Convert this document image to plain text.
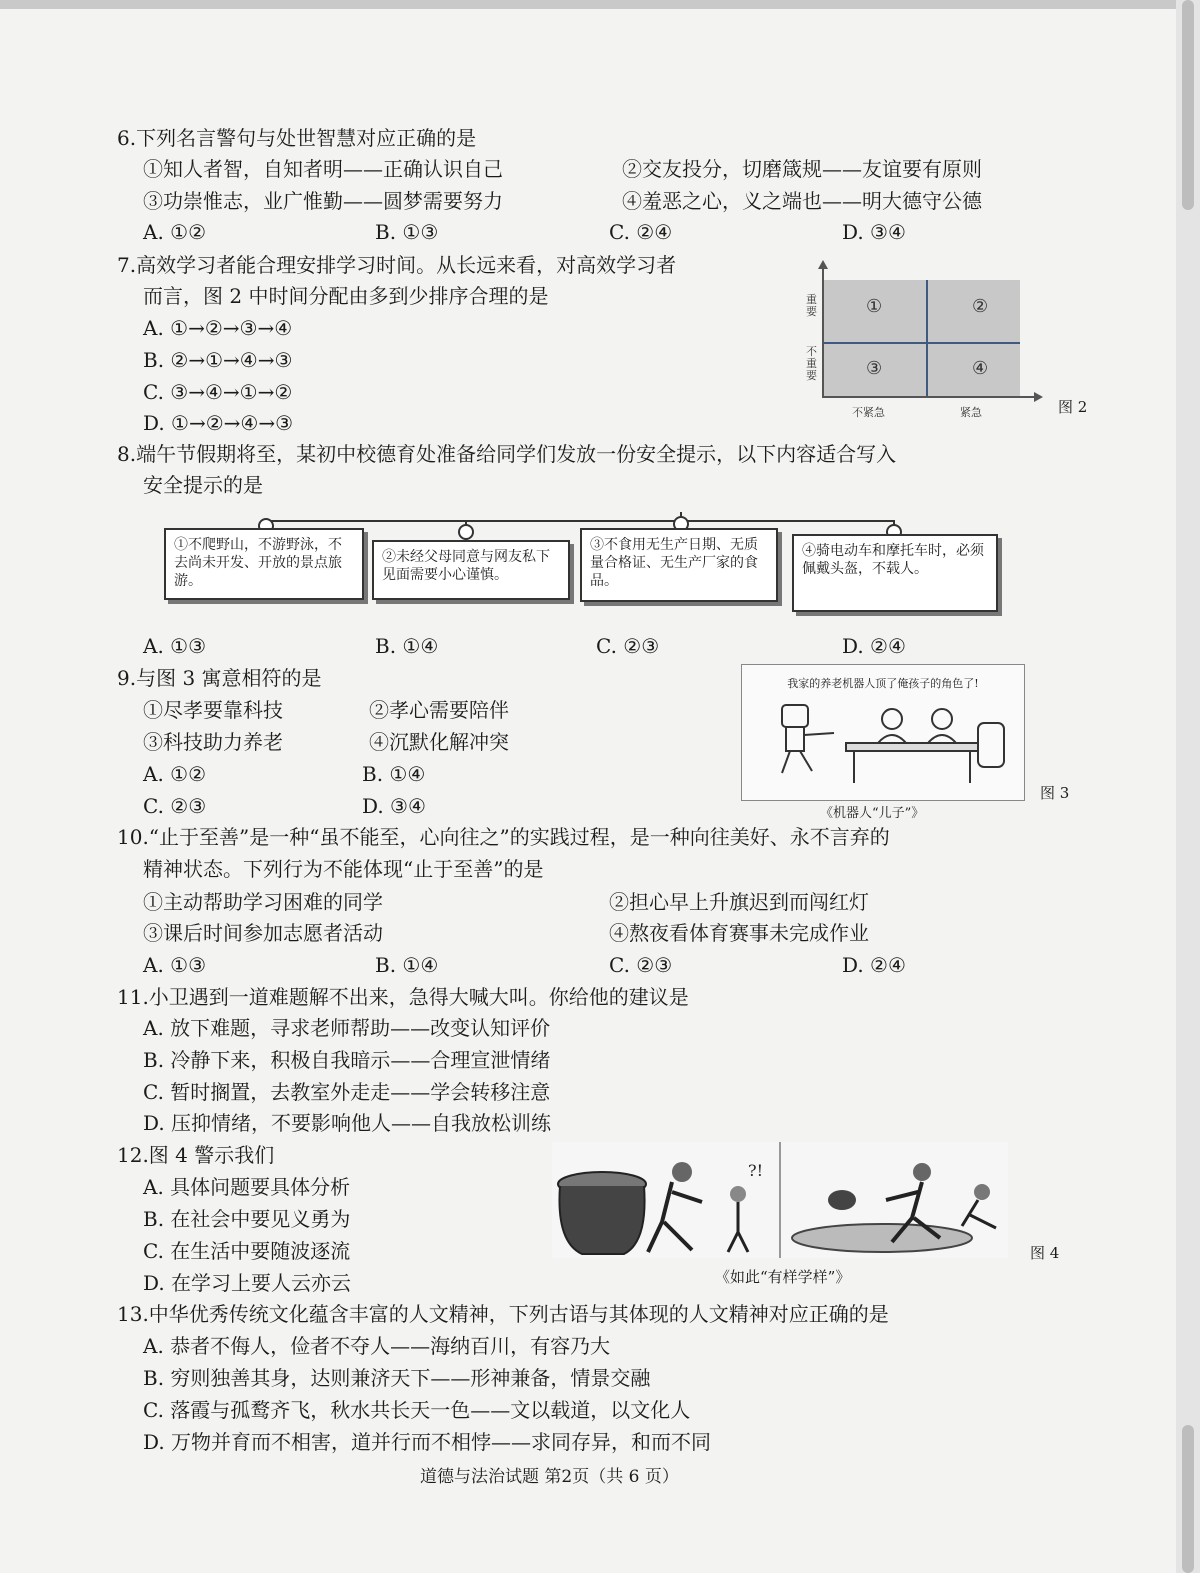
6.下列名言警句与处世智慧对应正确的是
①知人者智，自知者明——正确认识自己	②交友投分，切磨箴规——友谊要有原则
③功崇惟志，业广惟勤——圆梦需要努力	④羞恶之心，义之端也——明大德守公德
A. ①②	B. ①③	C. ②④	D. ③④
7.高效学习者能合理安排学习时间。从长远来看，对高效学习者
而言，图 2 中时间分配由多到少排序合理的是
A. ①→②→③→④
B. ②→①→④→③
C. ③→④→①→②
D. ①→②→④→③
①	②
③	④
重要
不重要
不紧急	紧急	图 2
8.端午节假期将至，某初中校德育处准备给同学们发放一份安全提示，以下内容适合写入
安全提示的是
①不爬野山，不游野泳，不去尚未开发、开放的景点旅游。
②未经父母同意与网友私下见面需要小心谨慎。
③不食用无生产日期、无质量合格证、无生产厂家的食品。
④骑电动车和摩托车时，必须佩戴头盔，不载人。
A. ①③	B. ①④	C. ②③	D. ②④
9.与图 3 寓意相符的是
①尽孝要靠科技	②孝心需要陪伴
③科技助力养老	④沉默化解冲突
A. ①②	B. ①④
C. ②③	D. ③④
我家的养老机器人顶了俺孩子的角色了!
《机器人“儿子”》
图 3
10.“止于至善”是一种“虽不能至，心向往之”的实践过程，是一种向往美好、永不言弃的
精神状态。下列行为不能体现“止于至善”的是
①主动帮助学习困难的同学	②担心早上升旗迟到而闯红灯
③课后时间参加志愿者活动	④熬夜看体育赛事未完成作业
A. ①③	B. ①④	C. ②③	D. ②④
11.小卫遇到一道难题解不出来，急得大喊大叫。你给他的建议是
A. 放下难题，寻求老师帮助——改变认知评价
B. 冷静下来，积极自我暗示——合理宣泄情绪
C. 暂时搁置，去教室外走走——学会转移注意
D. 压抑情绪，不要影响他人——自我放松训练
12.图 4 警示我们
A. 具体问题要具体分析
B. 在社会中要见义勇为
C. 在生活中要随波逐流
D. 在学习上要人云亦云
?!
《如此“有样学样”》
图 4
13.中华优秀传统文化蕴含丰富的人文精神，下列古语与其体现的人文精神对应正确的是
A. 恭者不侮人，俭者不夺人——海纳百川，有容乃大
B. 穷则独善其身，达则兼济天下——形神兼备，情景交融
C. 落霞与孤鹜齐飞，秋水共长天一色——文以载道，以文化人
D. 万物并育而不相害，道并行而不相悖——求同存异，和而不同
道德与法治试题 第2页（共 6 页）
